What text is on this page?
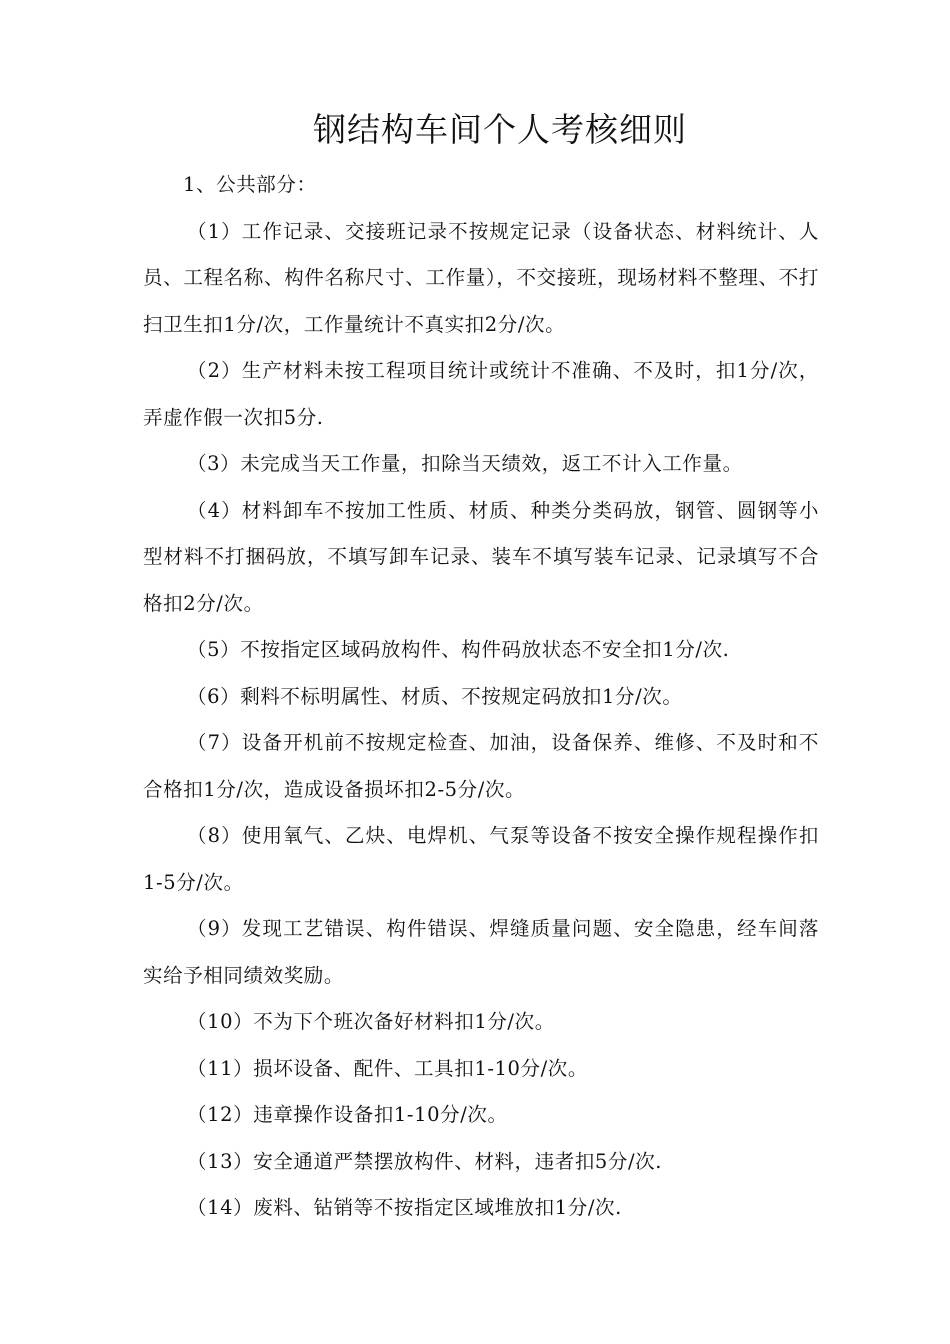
钢结构车间个人考核细则

1、公共部分：

（1）工作记录、交接班记录不按规定记录（设备状态、材料统计、人员、工程名称、构件名称尺寸、工作量），不交接班，现场材料不整理、不打扫卫生扣1分/次，工作量统计不真实扣2分/次。

（2）生产材料未按工程项目统计或统计不准确、不及时，扣1分/次，弄虚作假一次扣5分.

（3）未完成当天工作量，扣除当天绩效，返工不计入工作量。

（4）材料卸车不按加工性质、材质、种类分类码放，钢管、圆钢等小型材料不打捆码放，不填写卸车记录、装车不填写装车记录、记录填写不合格扣2分/次。

（5）不按指定区域码放构件、构件码放状态不安全扣1分/次.

（6）剩料不标明属性、材质、不按规定码放扣1分/次。

（7）设备开机前不按规定检查、加油，设备保养、维修、不及时和不合格扣1分/次，造成设备损坏扣2-5分/次。

（8）使用氧气、乙炔、电焊机、气泵等设备不按安全操作规程操作扣1-5分/次。

（9）发现工艺错误、构件错误、焊缝质量问题、安全隐患，经车间落实给予相同绩效奖励。

（10）不为下个班次备好材料扣1分/次。

（11）损坏设备、配件、工具扣1-10分/次。

（12）违章操作设备扣1-10分/次。

（13）安全通道严禁摆放构件、材料，违者扣5分/次.

（14）废料、钻销等不按指定区域堆放扣1分/次.
